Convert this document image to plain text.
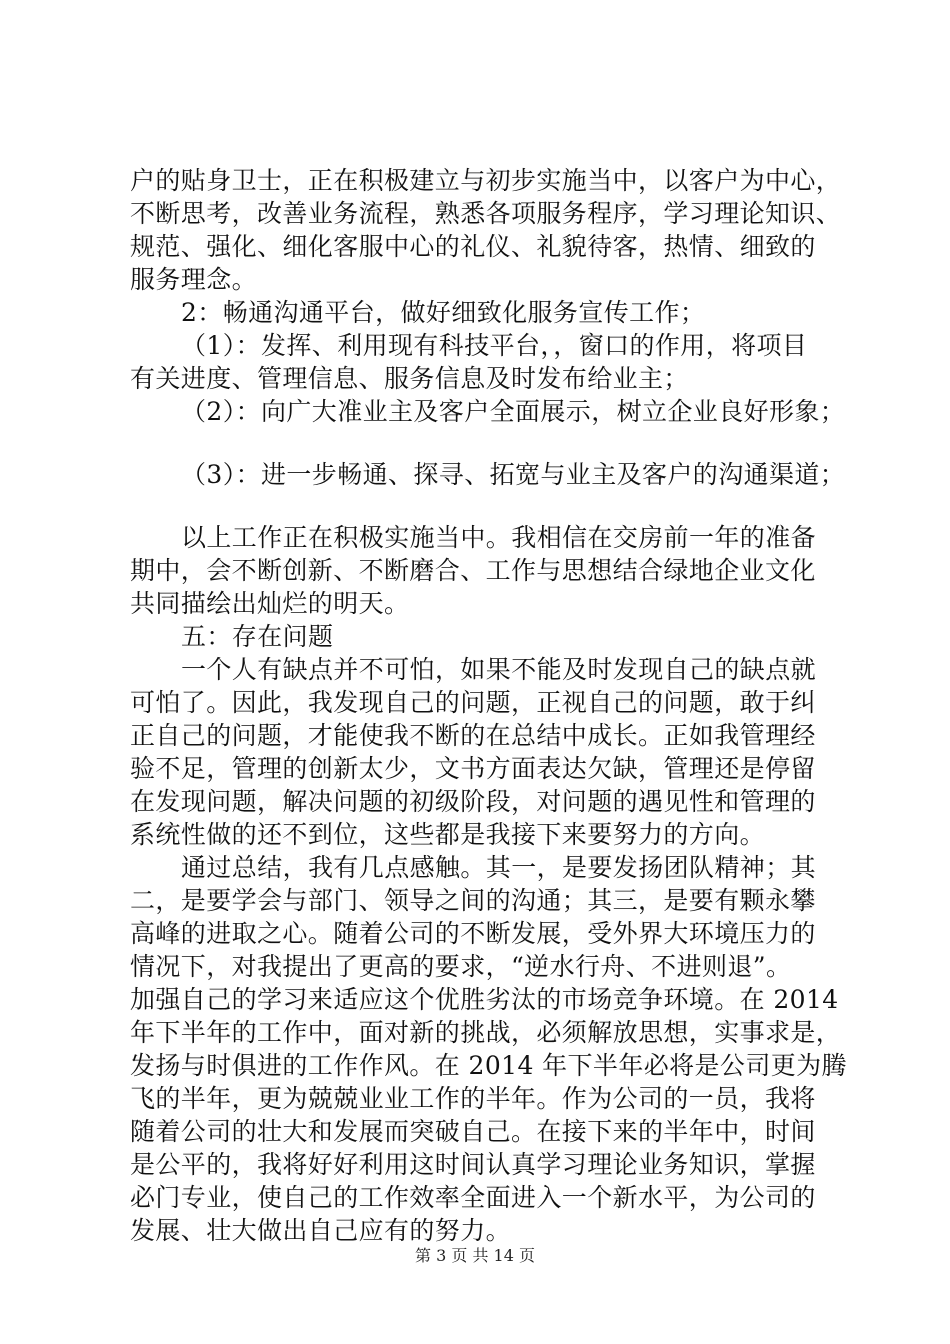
户的贴身卫士，正在积极建立与初步实施当中，以客户为中心，
不断思考，改善业务流程，熟悉各项服务程序，学习理论知识、
规范、强化、细化客服中心的礼仪、礼貌待客，热情、细致的
服务理念。
2：畅通沟通平台，做好细致化服务宣传工作；
（1）：发挥、利用现有科技平台，，窗口的作用，将项目
有关进度、管理信息、服务信息及时发布给业主；
（2）：向广大准业主及客户全面展示，树立企业良好形象；
（3）：进一步畅通、探寻、拓宽与业主及客户的沟通渠道；
以上工作正在积极实施当中。我相信在交房前一年的准备
期中，会不断创新、不断磨合、工作与思想结合绿地企业文化
共同描绘出灿烂的明天。
五：存在问题
一个人有缺点并不可怕，如果不能及时发现自己的缺点就
可怕了。因此，我发现自己的问题，正视自己的问题，敢于纠
正自己的问题，才能使我不断的在总结中成长。正如我管理经
验不足，管理的创新太少，文书方面表达欠缺，管理还是停留
在发现问题，解决问题的初级阶段，对问题的遇见性和管理的
系统性做的还不到位，这些都是我接下来要努力的方向。
通过总结，我有几点感触。其一，是要发扬团队精神；其
二，是要学会与部门、领导之间的沟通；其三，是要有颗永攀
高峰的进取之心。随着公司的不断发展，受外界大环境压力的
情况下，对我提出了更高的要求，“逆水行舟、不进则退”。
加强自己的学习来适应这个优胜劣汰的市场竞争环境。在 2014
年下半年的工作中，面对新的挑战，必须解放思想，实事求是，
发扬与时俱进的工作作风。在 2014 年下半年必将是公司更为腾
飞的半年，更为兢兢业业工作的半年。作为公司的一员，我将
随着公司的壮大和发展而突破自己。在接下来的半年中，时间
是公平的，我将好好利用这时间认真学习理论业务知识，掌握
必门专业，使自己的工作效率全面进入一个新水平，为公司的
发展、壮大做出自己应有的努力。
第 3 页 共 14 页
